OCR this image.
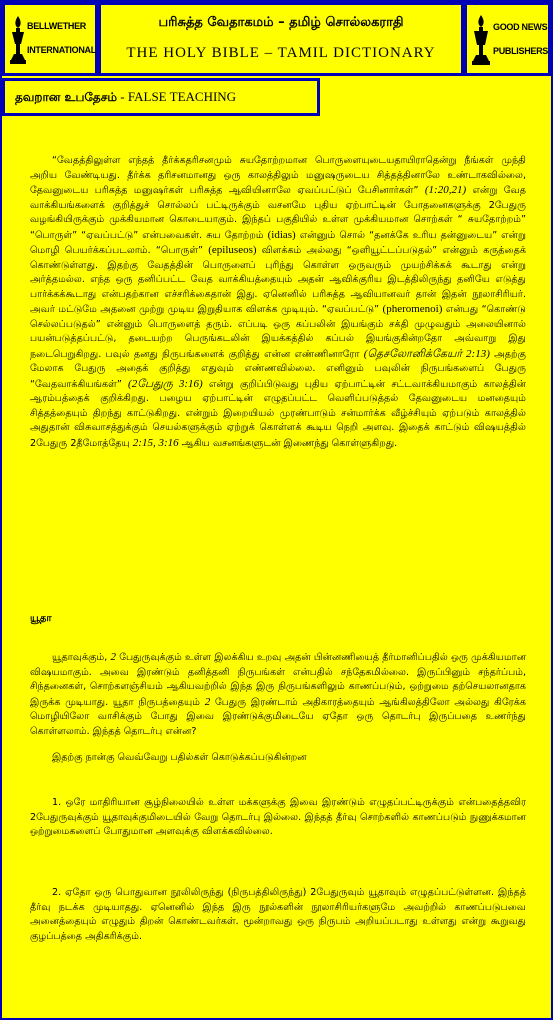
BELLWETHER
INTERNATIONAL
பரிசுத்த வேதாகமம் – தமிழ் சொல்லகராதி
THE HOLY BIBLE – TAMIL DICTIONARY
GOOD NEWS
PUBLISHERS
தவறான உபதேசம் - FALSE TEACHING

“வேதத்திலுள்ள எந்தத் தீர்க்கதரிசனமும் சுயதோற்றமான பொருளையுடையதாயிராதென்று நீங்கள் முந்தி அறிய வேண்டியது. தீர்க்க தரிசனமானது ஒரு காலத்திலும் மனுஷருடைய சித்தத்தினாலே உண்டாகவில்லை, தேவனுடைய பரிசுத்த மனுஷர்கள் பரிசுத்த ஆவியினாலே ஏவப்பட்டுப் பேசினார்கள்” (1:20,21) என்று வேத வாக்கியங்களைக் குறித்துச் சொல்லப் பட்டிருக்கும் வசனமே புதிய ஏற்பாட்டின் போதனைகளுக்கு 2பேதுரு வழங்கியிருக்கும் முக்கியமான கொடையாகும். இந்தப் பகுதியில் உள்ள முக்கியமான சொற்கள் “ சுயதோற்றம்” “பொருள்” “ஏவப்பட்டு” என்பவைகள். சுய தோற்றம் (idias) என்னும் சொல் “தனக்கே உரிய தன்னுடைய” என்று மொழி பெயர்க்கப்படலாம். “பொருள்” (epiluseos) விளக்கம் அல்லது “ஒளியூட்டப்படுதல்” என்னும் கருத்தைக் கொண்டுள்ளது. இதற்கு வேதத்தின் பொருளைப் புரிந்து கொள்ள ஒருவரும் முயற்சிக்கக் கூடாது என்று அர்த்தமல்ல. எந்த ஒரு தனிப்பட்ட வேத வாக்கியத்தையும் அதன் ஆவிக்குரிய இடத்திலிருந்து தனியே எடுத்து பார்க்கக்கூடாது என்பதற்கான எச்சரிக்கைதான் இது. ஏனெனில் பரிசுத்த ஆவியானவர் தான் இதன் நூலாசிரியர். அவர் மட்டுமே அதனை முற்று முடிய இறுதியாக விளக்க முடியும். “ஏவப்பட்டு” (pheromenoi) என்பது “கொண்டு செல்லப்படுதல்” என்னும் பொருளைத் தரும். எப்படி ஒரு கப்பலின் இயங்கும் சக்தி முழுவதும் அலையினால் பயன்படுத்தப்பட்டு, தடையற்ற பெருங்கடலின் இயக்கத்தில் கப்பல் இயங்குகின்றதோ அவ்வாறு இது நடைபெறுகிறது. பவுல் தனது நிருபங்களைக் குறித்து என்ன எண்ணினாரோ (தெசலோனிக்கேயர் 2:13) அதற்கு மேலாக பேதுரு அதைக் குறித்து எதுவும் எண்ணவில்லை. எனினும் பவுலின் நிருபங்களைப் பேதுரு “வேதவாக்கியங்கள்” (2பேதுரு 3:16) என்று குறிப்பிடுவது புதிய ஏற்பாட்டின் சட்டவாக்கியமாகும் காலத்தின் ஆரம்பத்தைக் குறிக்கிறது. பழைய ஏற்பாட்டின் எழுதப்பட்ட வெளிப்படுத்தல் தேவனுடைய மனதையும் சித்தத்தையும் திறந்து காட்டுகிறது. என்றும் இறையியல் முரண்பாடும் சன்மார்க்க வீழ்ச்சியும் ஏற்படும் காலத்தில் அதுதான் விசுவாசத்துக்கும் செயல்களுக்கும் ஏற்றுக் கொள்ளக் கூடிய நெறி அளவு. இதைக் காட்டும் விஷயத்தில் 2பேதுரு 2தீமோத்தேயு 2:15, 3:16 ஆகிய வசனங்களுடன் இணைந்து கொள்ளுகிறது.

யூதா

யூதாவுக்கும், 2 பேதுருவுக்கும் உள்ள இலக்கிய உறவு அதன் பின்னணியைத் தீர்மானிப்பதில் ஒரு முக்கியமான விஷயமாகும். அவை இரண்டும் தனித்தனி நிருபங்கள் என்பதில் சந்தேகமில்லை. இருப்பினும் சந்தர்ப்பம், சிந்தனைகள், சொற்களஞ்சியம் ஆகியவற்றில் இந்த இரு நிருபங்களிலும் காணப்படும், ஒற்றுமை தற்செயலானதாக இருக்க முடியாது. யூதா நிருபத்தையும் 2 பேதுரு இரண்டாம் அதிகாரத்தையும் ஆங்கிலத்திலோ அல்லது கிரேக்க மொழியிலோ வாசிக்கும் போது இவை இரண்டுக்குமிடையே ஏதோ ஒரு தொடர்பு இருப்பதை உணர்ந்து கொள்ளலாம். இந்தத் தொடர்பு என்ன?

இதற்கு நான்கு வெவ்வேறு பதில்கள் கொடுக்கப்படுகின்றன

1. ஒரே மாதிரியான சூழ்நிலையில் உள்ள மக்களுக்கு இவை இரண்டும் எழுதப்பட்டிருக்கும் என்பதைத்தவிர 2பேதுருவுக்கும் யூதாவுக்குமிடையில் வேறு தொடர்பு இல்லை. இந்தத் தீர்வு சொற்களில் காணப்படும் நுணுக்கமான ஒற்றுமைகளைப் போதுமான அளவுக்கு விளக்கவில்லை.

2. ஏதோ ஒரு பொதுவான நூலிலிருந்து (நிருபத்திலிருந்து) 2பேதுருவும் யூதாவும் எழுதப்பட்டுள்ளன. இந்தத் தீர்வு நடக்க முடியாதது. ஏனெனில் இந்த இரு நூல்களின் நூலாசிரியர்களுமே அவற்றில் காணப்படுபவை அனைத்தையும் எழுதும் திறன் கொண்டவர்கள். மூன்றாவது ஒரு நிருபம் அறியப்படாது உள்ளது என்று கூறுவது குழப்பத்தை அதிகரிக்கும்.
